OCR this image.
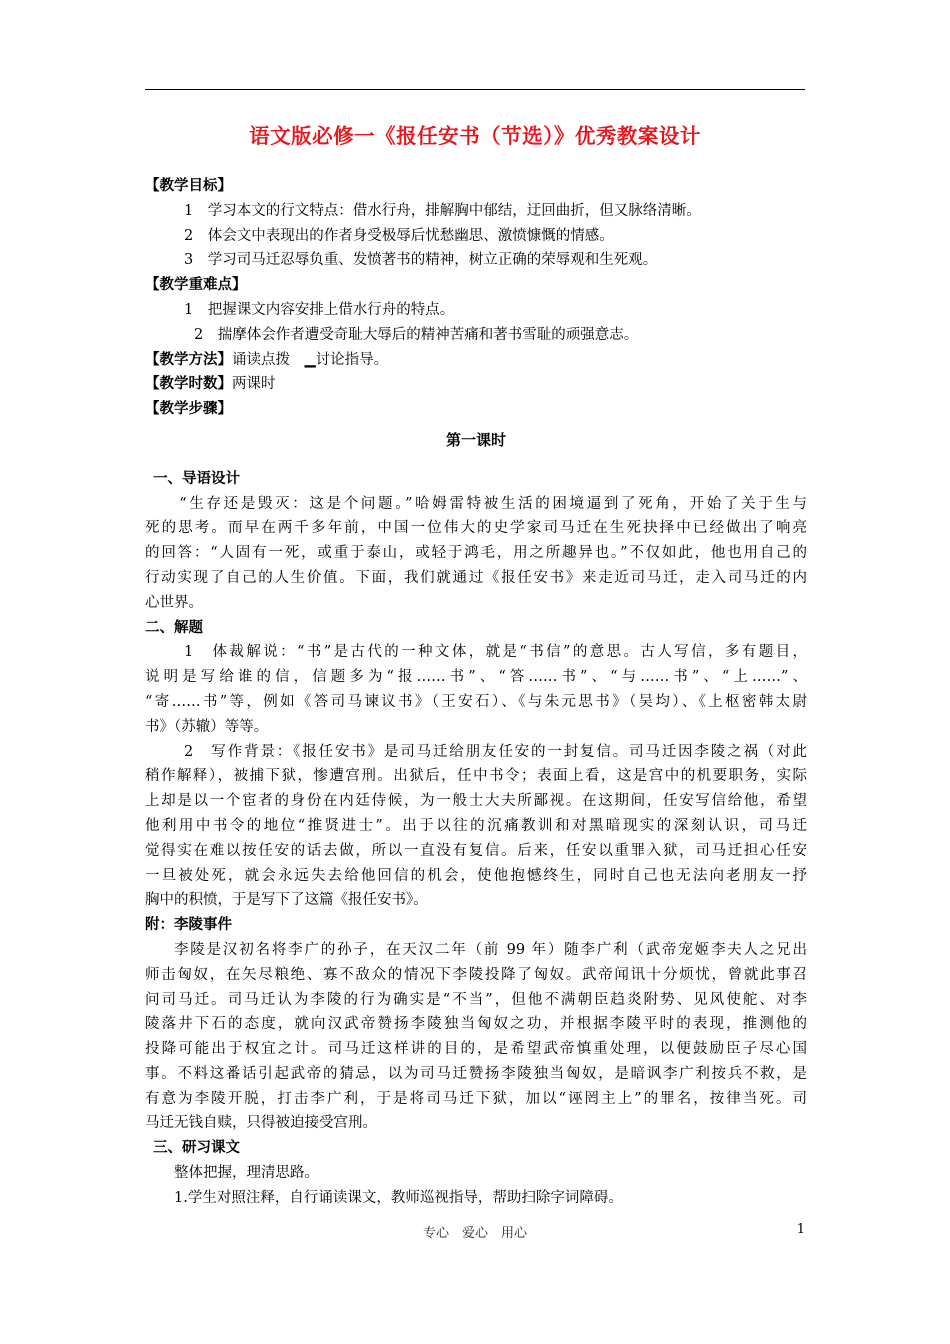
语文版必修一《报任安书（节选）》优秀教案设计
【教学目标】
1　学习本文的行文特点：借水行舟，排解胸中郁结，迂回曲折，但又脉络清晰。
2　体会文中表现出的作者身受极辱后忧愁幽思、激愤慷慨的情感。
3　学习司马迁忍辱负重、发愤著书的精神，树立正确的荣辱观和生死观。
【教学重难点】
1　把握课文内容安排上借水行舟的特点。
2　揣摩体会作者遭受奇耻大辱后的精神苦痛和著书雪耻的顽强意志。
【教学方法】诵读点拨　▁讨论指导。
【教学时数】两课时
【教学步骤】
第一课时
一、导语设计
　　“生存还是毁灭：这是个问题。”哈姆雷特被生活的困境逼到了死角，开始了关于生与
死的思考。而早在两千多年前，中国一位伟大的史学家司马迁在生死抉择中已经做出了响亮
的回答：“人固有一死，或重于泰山，或轻于鸿毛，用之所趣异也。”不仅如此，他也用自己的
行动实现了自己的人生价值。下面，我们就通过《报任安书》来走近司马迁，走入司马迁的内
心世界。
二、解题
1　体裁解说：“书”是古代的一种文体，就是“书信”的意思。古人写信，多有题目，
说明是写给谁的信，信题多为“报……书”、“答……书”、“与……书”、“上……”、
“寄……书”等，例如《答司马谏议书》（王安石）、《与朱元思书》（吴均）、《上枢密韩太尉
书》（苏辙）等等。
2　写作背景：《报任安书》是司马迁给朋友任安的一封复信。司马迁因李陵之祸（对此
稍作解释），被捕下狱，惨遭宫刑。出狱后，任中书令；表面上看，这是宫中的机要职务，实际
上却是以一个宦者的身份在内廷侍候，为一般士大夫所鄙视。在这期间，任安写信给他，希望
他利用中书令的地位“推贤进士”。出于以往的沉痛教训和对黑暗现实的深刻认识，司马迁
觉得实在难以按任安的话去做，所以一直没有复信。后来，任安以重罪入狱，司马迁担心任安
一旦被处死，就会永远失去给他回信的机会，使他抱憾终生，同时自己也无法向老朋友一抒
胸中的积愤，于是写下了这篇《报任安书》。
附：李陵事件
李陵是汉初名将李广的孙子，在天汉二年（前 99 年）随李广利（武帝宠姬李夫人之兄出
师击匈奴，在矢尽粮绝、寡不敌众的情况下李陵投降了匈奴。武帝闻讯十分烦忧，曾就此事召
问司马迁。司马迁认为李陵的行为确实是“不当”，但他不满朝臣趋炎附势、见风使舵、对李
陵落井下石的态度，就向汉武帝赞扬李陵独当匈奴之功，并根据李陵平时的表现，推测他的
投降可能出于权宜之计。司马迁这样讲的目的，是希望武帝慎重处理，以便鼓励臣子尽心国
事。不料这番话引起武帝的猜忌，以为司马迁赞扬李陵独当匈奴，是暗讽李广利按兵不救，是
有意为李陵开脱，打击李广利，于是将司马迁下狱，加以“诬罔主上”的罪名，按律当死。司
马迁无钱自赎，只得被迫接受宫刑。
三、研习课文
整体把握，理清思路。
1.学生对照注释，自行诵读课文，教师巡视指导，帮助扫除字词障碍。
专心　爱心　用心	1
